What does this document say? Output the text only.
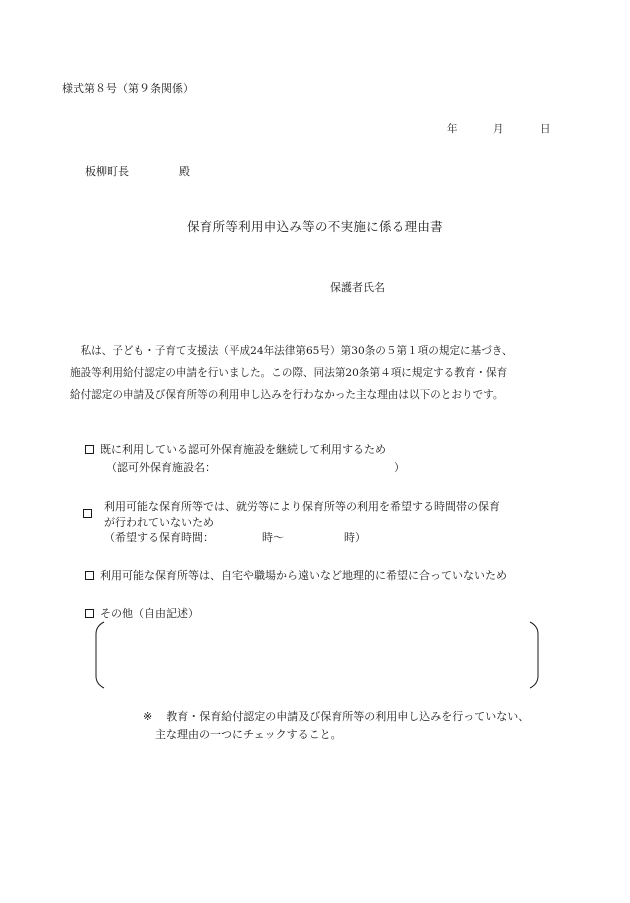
様式第８号（第９条関係）
年	月	日
板柳町長	殿
保育所等利用申込み等の不実施に係る理由書
保護者氏名

私は、子ども・子育て支援法（平成24年法律第65号）第30条の５第１項の規定に基づき、

施設等利用給付認定の申請を行いました。この際、同法第20条第４項に規定する教育・保育

給付認定の申請及び保育所等の利用申し込みを行わなかった主な理由は以下のとおりです。

既に利用している認可外保育施設を継続して利用するため
（認可外保育施設名：	）
利用可能な保育所等では、就労等により保育所等の利用を希望する時間帯の保育
が行われていないため
（希望する保育時間：	時～	時）
利用可能な保育所等は、自宅や職場から遠いなど地理的に希望に合っていないため
その他（自由記述）
※ 教育・保育給付認定の申請及び保育所等の利用申し込みを行っていない、
主な理由の一つにチェックすること。
